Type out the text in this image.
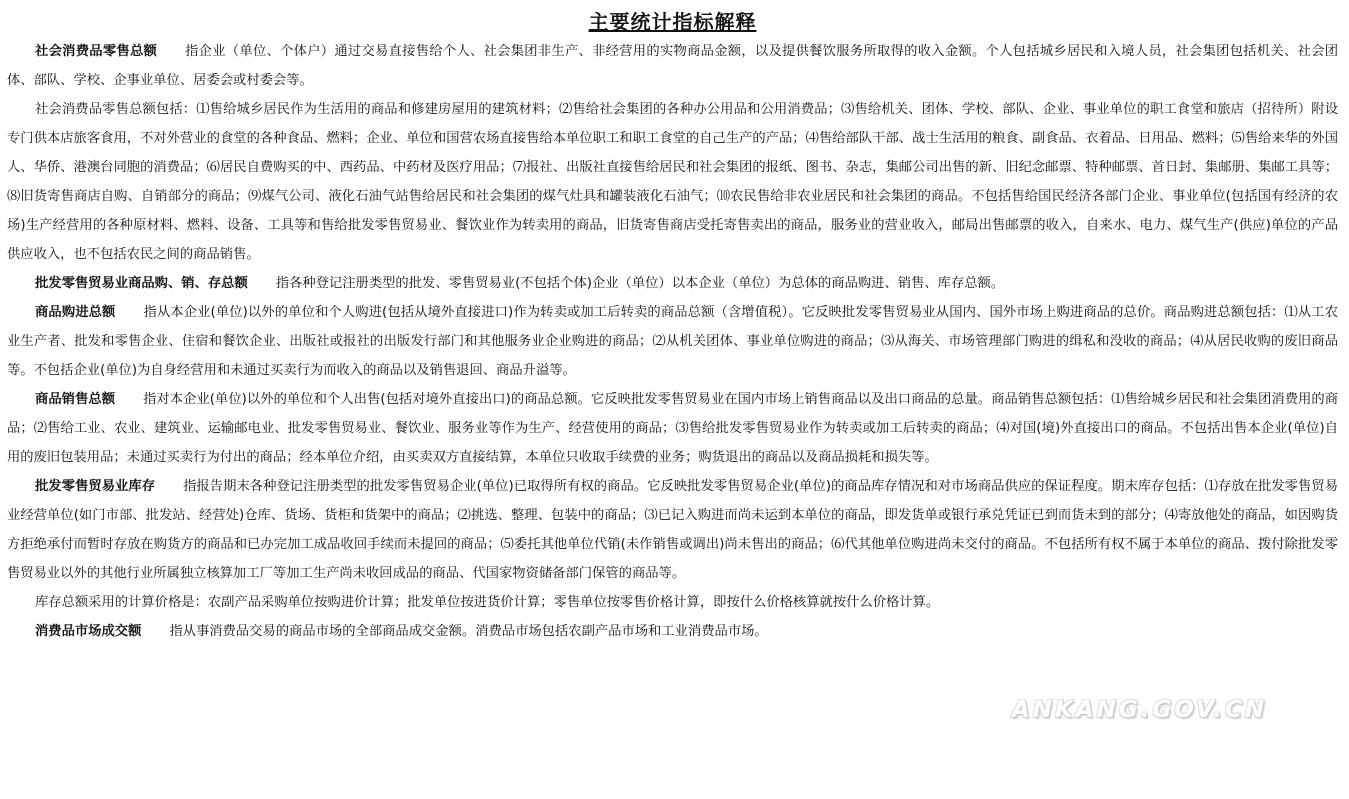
主要统计指标解释

社会消费品零售总额 指企业（单位、个体户）通过交易直接售给个人、社会集团非生产、非经营用的实物商品金额，以及提供餐饮服务所取得的收入金额。个人包括城乡居民和入境人员，社会集团包括机关、社会团体、部队、学校、企事业单位、居委会或村委会等。

社会消费品零售总额包括：⑴售给城乡居民作为生活用的商品和修建房屋用的建筑材料；⑵售给社会集团的各种办公用品和公用消费品；⑶售给机关、团体、学校、部队、企业、事业单位的职工食堂和旅店（招待所）附设专门供本店旅客食用，不对外营业的食堂的各种食品、燃料；企业、单位和国营农场直接售给本单位职工和职工食堂的自己生产的产品；⑷售给部队干部、战士生活用的粮食、副食品、衣着品、日用品、燃料；⑸售给来华的外国人、华侨、港澳台同胞的消费品；⑹居民自费购买的中、西药品、中药材及医疗用品；⑺报社、出版社直接售给居民和社会集团的报纸、图书、杂志，集邮公司出售的新、旧纪念邮票、特种邮票、首日封、集邮册、集邮工具等；⑻旧货寄售商店自购、自销部分的商品；⑼煤气公司、液化石油气站售给居民和社会集团的煤气灶具和罐装液化石油气；⑽农民售给非农业居民和社会集团的商品。不包括售给国民经济各部门企业、事业单位(包括国有经济的农场)生产经营用的各种原材料、燃料、设备、工具等和售给批发零售贸易业、餐饮业作为转卖用的商品，旧货寄售商店受托寄售卖出的商品，服务业的营业收入，邮局出售邮票的收入，自来水、电力、煤气生产(供应)单位的产品供应收入，也不包括农民之间的商品销售。

批发零售贸易业商品购、销、存总额 指各种登记注册类型的批发、零售贸易业(不包括个体)企业（单位）以本企业（单位）为总体的商品购进、销售、库存总额。

商品购进总额 指从本企业(单位)以外的单位和个人购进(包括从境外直接进口)作为转卖或加工后转卖的商品总额（含增值税）。它反映批发零售贸易业从国内、国外市场上购进商品的总价。商品购进总额包括：⑴从工农业生产者、批发和零售企业、住宿和餐饮企业、出版社或报社的出版发行部门和其他服务业企业购进的商品；⑵从机关团体、事业单位购进的商品；⑶从海关、市场管理部门购进的缉私和没收的商品；⑷从居民收购的废旧商品等。不包括企业(单位)为自身经营用和未通过买卖行为而收入的商品以及销售退回、商品升溢等。

商品销售总额 指对本企业(单位)以外的单位和个人出售(包括对境外直接出口)的商品总额。它反映批发零售贸易业在国内市场上销售商品以及出口商品的总量。商品销售总额包括：⑴售给城乡居民和社会集团消费用的商品；⑵售给工业、农业、建筑业、运输邮电业、批发零售贸易业、餐饮业、服务业等作为生产、经营使用的商品；⑶售给批发零售贸易业作为转卖或加工后转卖的商品；⑷对国(境)外直接出口的商品。不包括出售本企业(单位)自用的废旧包装用品；未通过买卖行为付出的商品；经本单位介绍，由买卖双方直接结算，本单位只收取手续费的业务；购货退出的商品以及商品损耗和损失等。

批发零售贸易业库存 指报告期末各种登记注册类型的批发零售贸易企业(单位)已取得所有权的商品。它反映批发零售贸易企业(单位)的商品库存情况和对市场商品供应的保证程度。期末库存包括：⑴存放在批发零售贸易业经营单位(如门市部、批发站、经营处)仓库、货场、货柜和货架中的商品；⑵挑选、整理、包装中的商品；⑶已记入购进而尚未运到本单位的商品，即发货单或银行承兑凭证已到而货未到的部分；⑷寄放他处的商品，如因购货方拒绝承付而暂时存放在购货方的商品和已办完加工成品收回手续而未提回的商品；⑸委托其他单位代销(未作销售或调出)尚未售出的商品；⑹代其他单位购进尚未交付的商品。不包括所有权不属于本单位的商品、拨付除批发零售贸易业以外的其他行业所属独立核算加工厂等加工生产尚未收回成品的商品、代国家物资储备部门保管的商品等。

库存总额采用的计算价格是：农副产品采购单位按购进价计算；批发单位按进货价计算；零售单位按零售价格计算，即按什么价格核算就按什么价格计算。

消费品市场成交额 指从事消费品交易的商品市场的全部商品成交金额。消费品市场包括农副产品市场和工业消费品市场。

ANKANG.GOV.CN
